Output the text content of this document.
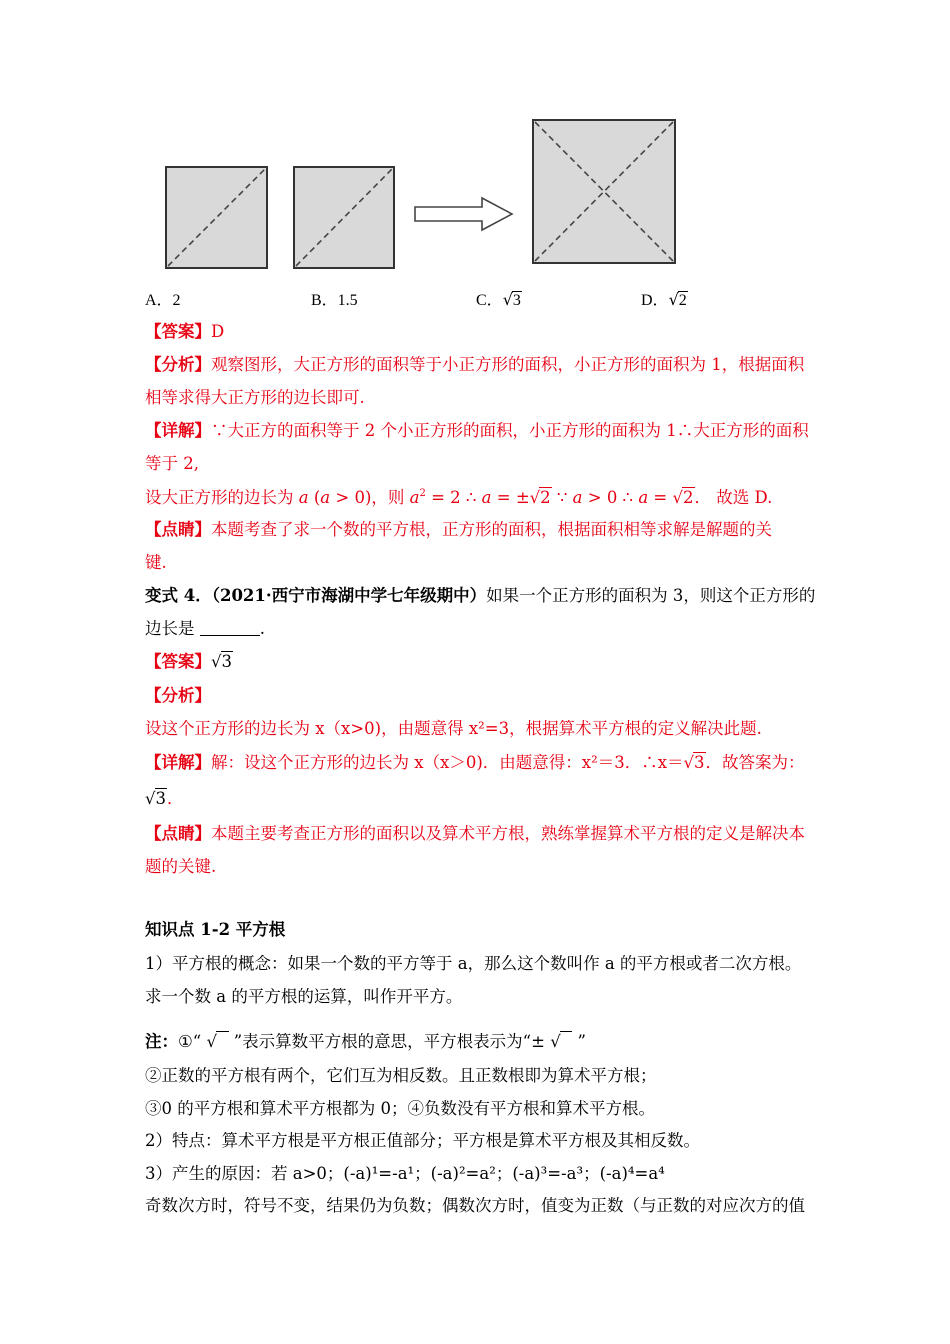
A．2	B．1.5	C．√3	D．√2
【答案】D
【分析】观察图形，大正方形的面积等于小正方形的面积，小正方形的面积为 1，根据面积
相等求得大正方形的边长即可.
【详解】∵大正方的面积等于 2 个小正方形的面积，小正方形的面积为 1∴大正方形的面积
等于 2,
设大正方形的边长为 a (a > 0)，则 $a^2 = 2$ ∴ a = ±√2 ∵ a > 0 ∴ a = √2． 故选 D.
【点睛】本题考查了求一个数的平方根，正方形的面积，根据面积相等求解是解题的关
键.
变式 4．（2021·西宁市海湖中学七年级期中）如果一个正方形的面积为 3，则这个正方形的
边长是	.
【答案】√3
【分析】
设这个正方形的边长为 x（x>0)，由题意得 x²=3，根据算术平方根的定义解决此题.
【详解】解：设这个正方形的边长为 x（x＞0)．由题意得：x²＝3．∴x＝√3．故答案为：
√3．
【点睛】本题主要考查正方形的面积以及算术平方根，熟练掌握算术平方根的定义是解决本
题的关键.
知识点 1-2 平方根
1）平方根的概念：如果一个数的平方等于 a，那么这个数叫作 a 的平方根或者二次方根。
求一个数 a 的平方根的运算，叫作开平方。
注：①“ √ ”表示算数平方根的意思，平方根表示为“± √ ”
②正数的平方根有两个，它们互为相反数。且正数根即为算术平方根；
③0 的平方根和算术平方根都为 0；④负数没有平方根和算术平方根。
2）特点：算术平方根是平方根正值部分；平方根是算术平方根及其相反数。
3）产生的原因：若 a>0；(-a)¹=-a¹；(-a)²=a²；(-a)³=-a³；(-a)⁴=a⁴
奇数次方时，符号不变，结果仍为负数；偶数次方时，值变为正数（与正数的对应次方的值
